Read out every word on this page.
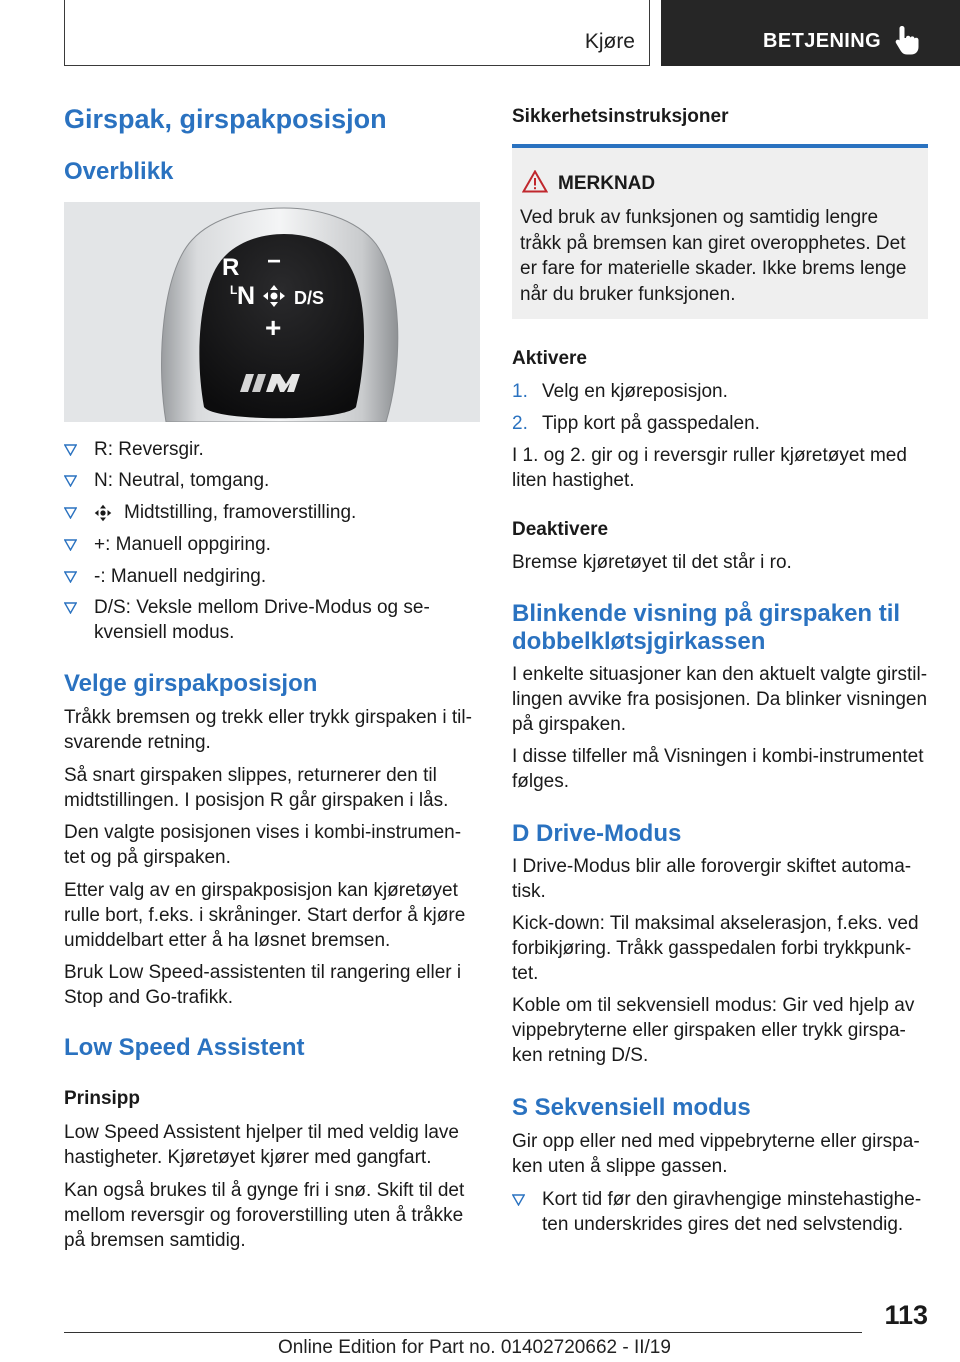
Kjøre	BETJENING
Girspak, girspakposisjon
Overblikk
R −
L N D/S
+
R: Reversgir.
N: Neutral, tomgang.
Midtstilling, framoverstilling.
+: Manuell oppgiring.
-: Manuell nedgiring.
D/S: Veksle mellom Drive-Modus og se-
kvensiell modus.
Velge girspakposisjon

Tråkk bremsen og trekk eller trykk girspaken i til-

svarende retning.

Så snart girspaken slippes, returnerer den til

midtstillingen. I posisjon R går girspaken i lås.

Den valgte posisjonen vises i kombi-instrumen-

tet og på girspaken.

Etter valg av en girspakposisjon kan kjøretøyet

rulle bort, f.eks. i skråninger. Start derfor å kjøre

umiddelbart etter å ha løsnet bremsen.

Bruk Low Speed-assistenten til rangering eller i

Stop and Go-trafikk.

Low Speed Assistent
Prinsipp

Low Speed Assistent hjelper til med veldig lave

hastigheter. Kjøretøyet kjører med gangfart.

Kan også brukes til å gynge fri i snø. Skift til det

mellom reversgir og foroverstilling uten å tråkke

på bremsen samtidig.

Sikkerhetsinstruksjoner
MERKNAD
Ved bruk av funksjonen og samtidig lengre
tråkk på bremsen kan giret overopphetes. Det
er fare for materielle skader. Ikke brems lenge
når du bruker funksjonen.
Aktivere
1. Velg en kjøreposisjon.
2. Tipp kort på gasspedalen.

I 1. og 2. gir og i reversgir ruller kjøretøyet med

liten hastighet.

Deaktivere

Bremse kjøretøyet til det står i ro.

Blinkende visning på girspaken til
dobbelkløtsjgirkassen

I enkelte situasjoner kan den aktuelt valgte girstil-

lingen avvike fra posisjonen. Da blinker visningen

på girspaken.

I disse tilfeller må Visningen i kombi-instrumentet

følges.

D Drive-Modus

I Drive-Modus blir alle forovergir skiftet automa-

tisk.

Kick-down: Til maksimal akselerasjon, f.eks. ved

forbikjøring. Tråkk gasspedalen forbi trykkpunk-

tet.

Koble om til sekvensiell modus: Gir ved hjelp av

vippebryterne eller girspaken eller trykk girspa-

ken retning D/S.

S Sekvensiell modus

Gir opp eller ned med vippebryterne eller girspa-

ken uten å slippe gassen.

Kort tid før den giravhengige minstehastighe-
ten underskrides gires det ned selvstendig.
113
Online Edition for Part no. 01402720662 - II/19
